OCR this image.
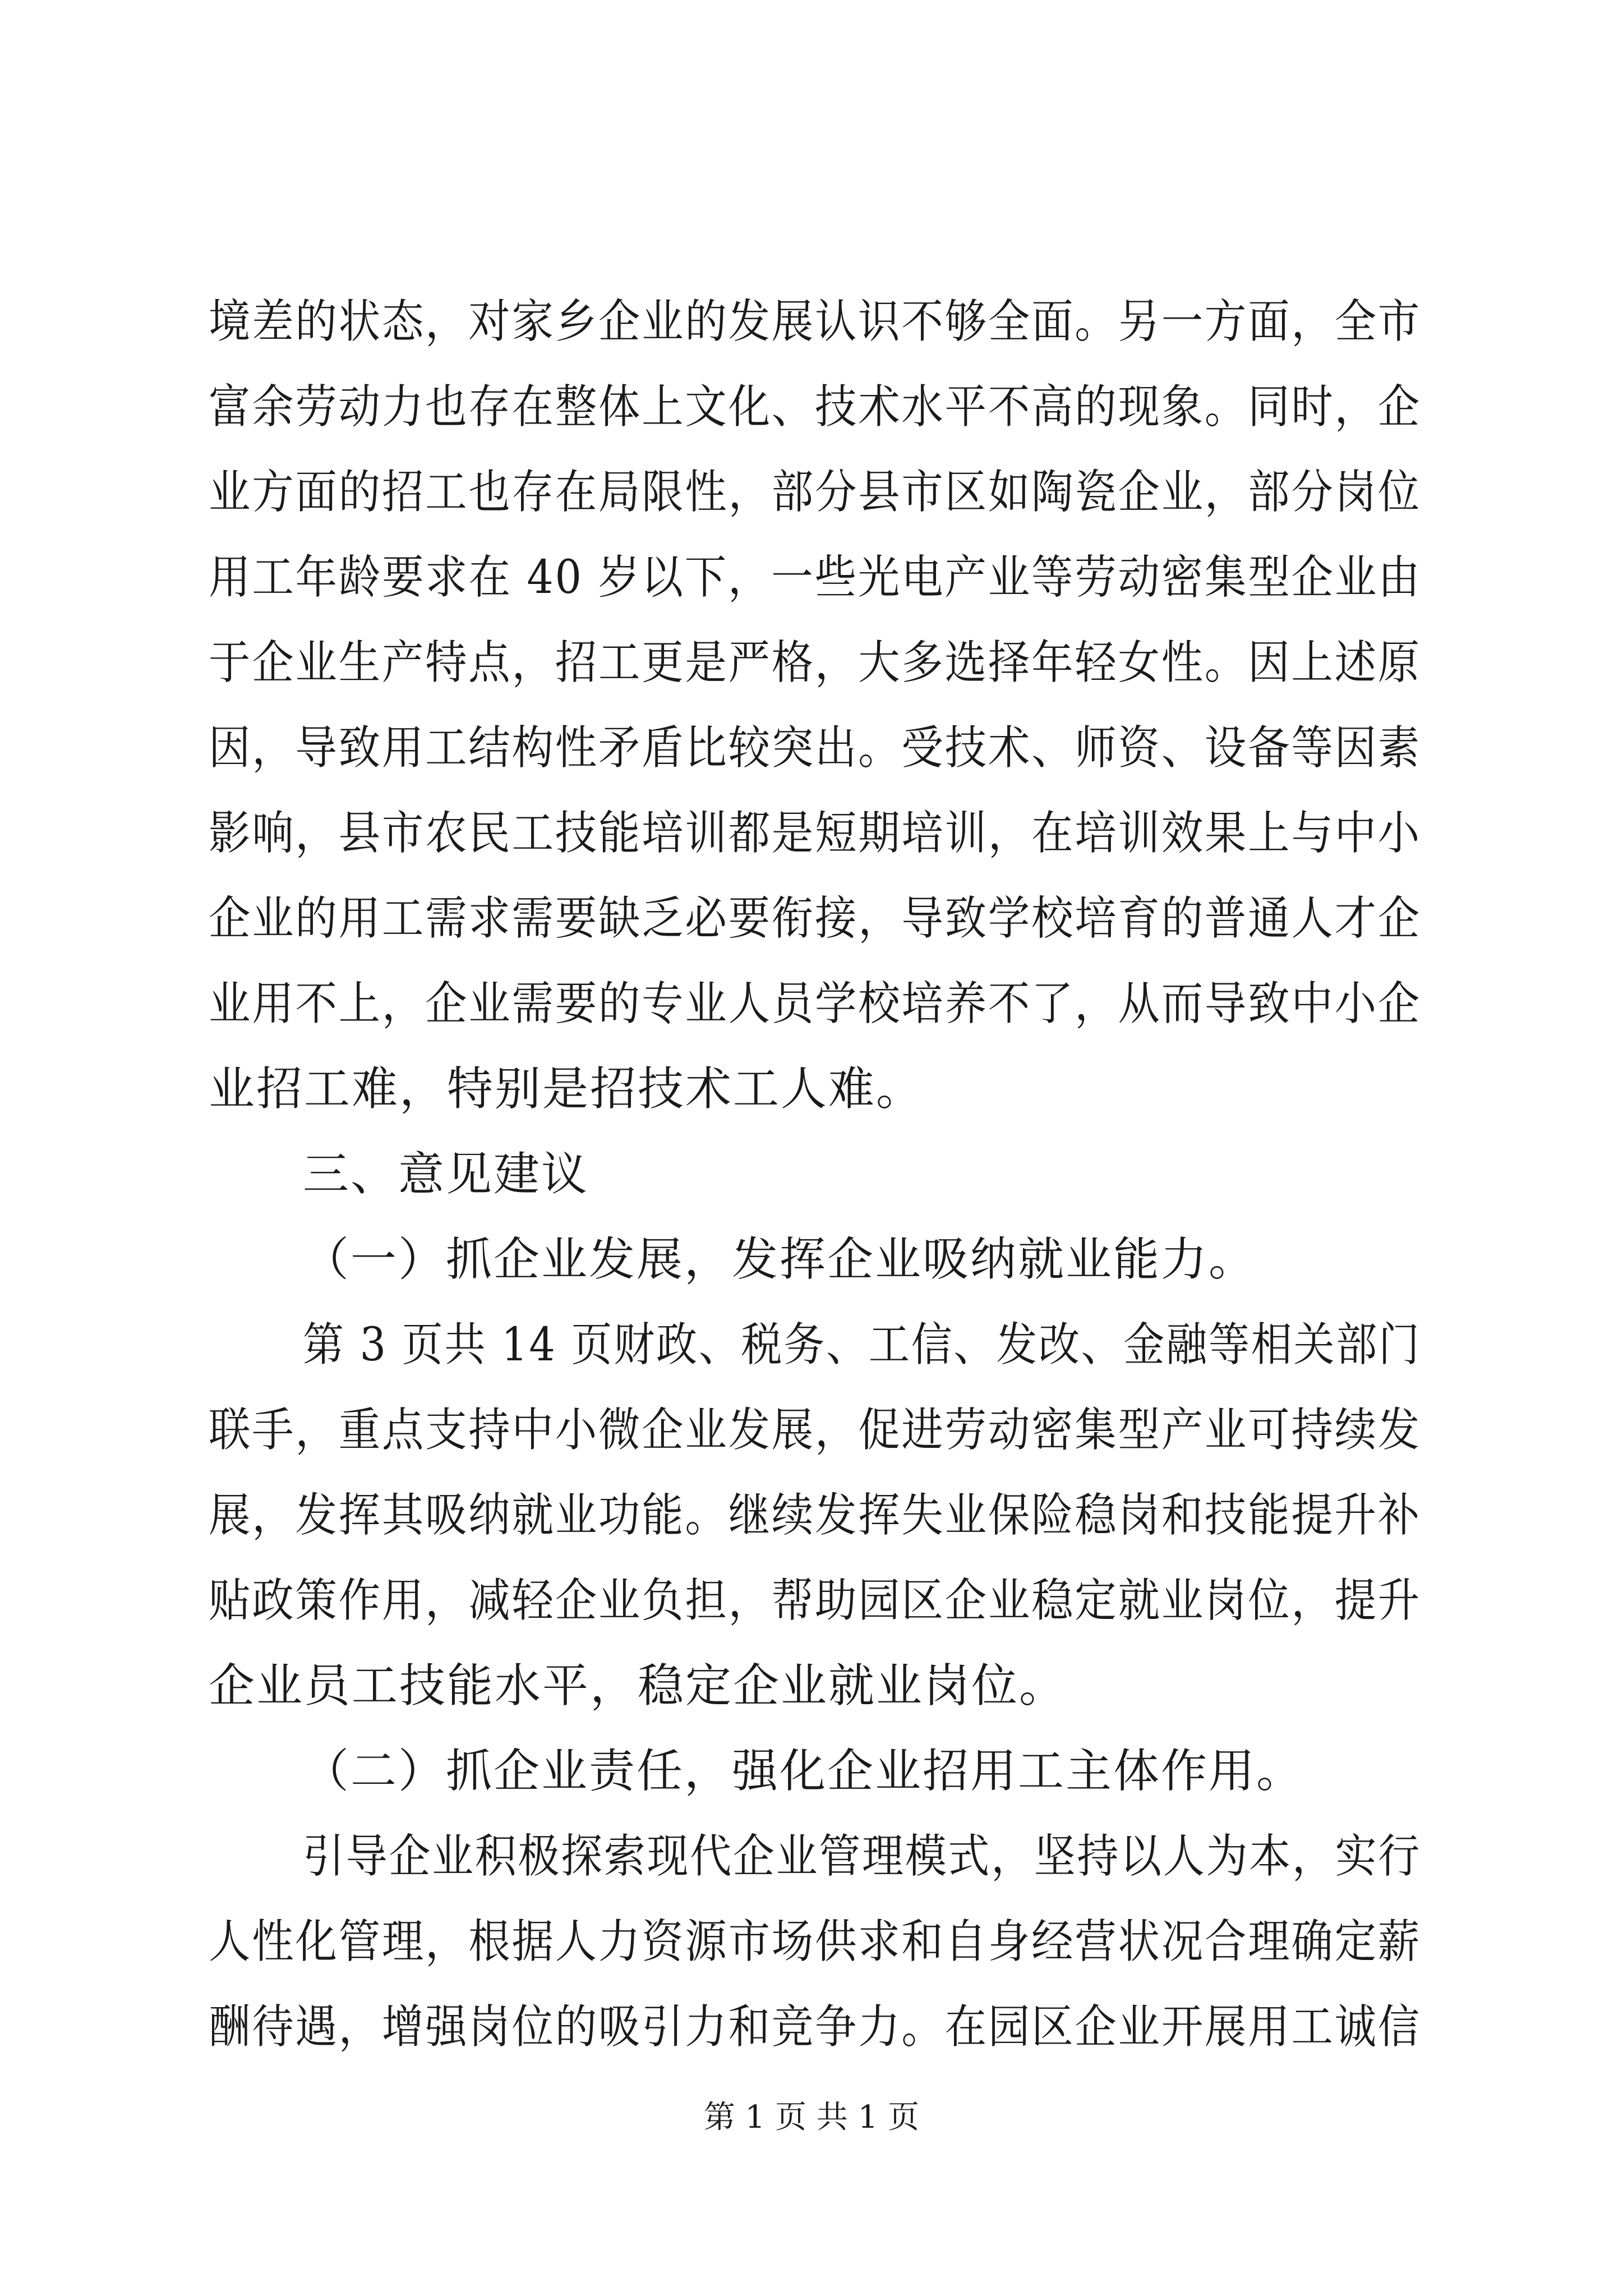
境差的状态，对家乡企业的发展认识不够全面。另一方面，全市
富余劳动力也存在整体上文化、技术水平不高的现象。同时，企
业方面的招工也存在局限性，部分县市区如陶瓷企业，部分岗位
用工年龄要求在 40 岁以下，一些光电产业等劳动密集型企业由
于企业生产特点，招工更是严格，大多选择年轻女性。因上述原
因，导致用工结构性矛盾比较突出。受技术、师资、设备等因素
影响，县市农民工技能培训都是短期培训，在培训效果上与中小
企业的用工需求需要缺乏必要衔接，导致学校培育的普通人才企
业用不上，企业需要的专业人员学校培养不了，从而导致中小企
业招工难，特别是招技术工人难。
三、意见建议
（一）抓企业发展，发挥企业吸纳就业能力。
第 3 页共 14 页财政、税务、工信、发改、金融等相关部门
联手，重点支持中小微企业发展，促进劳动密集型产业可持续发
展，发挥其吸纳就业功能。继续发挥失业保险稳岗和技能提升补
贴政策作用，减轻企业负担，帮助园区企业稳定就业岗位，提升
企业员工技能水平，稳定企业就业岗位。
（二）抓企业责任，强化企业招用工主体作用。
引导企业积极探索现代企业管理模式，坚持以人为本，实行
人性化管理，根据人力资源市场供求和自身经营状况合理确定薪
酬待遇，增强岗位的吸引力和竞争力。在园区企业开展用工诚信
第 1 页 共 1 页
